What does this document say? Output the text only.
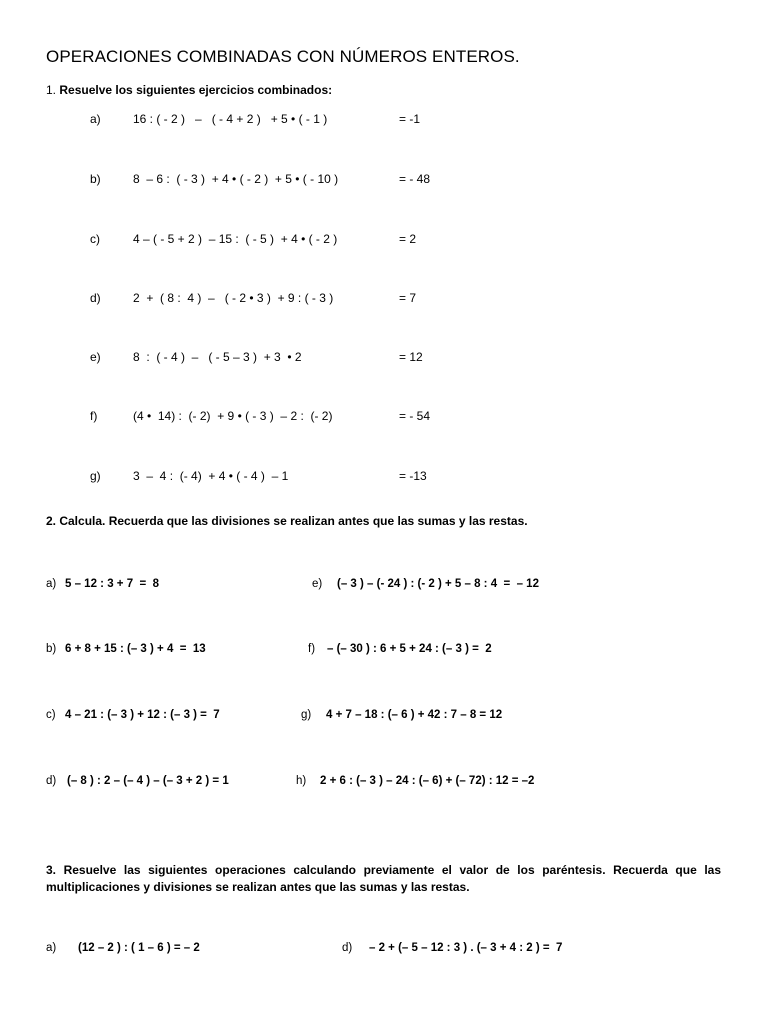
OPERACIONES COMBINADAS CON NÚMEROS ENTEROS.
1. Resuelve los siguientes ejercicios combinados:
a)	16 : ( - 2 )   –   ( - 4 + 2 )   + 5 • ( - 1 )	= -1
b)	8  – 6 :  ( - 3 )  + 4 • ( - 2 )  + 5 • ( - 10 )	= - 48
c)	4 – ( - 5 + 2 )  – 15 :  ( - 5 )  + 4 • ( - 2 )	= 2
d)	2  +  ( 8 :  4 )  –   ( - 2 • 3 )  + 9 : ( - 3 )	= 7
e)	8  :  ( - 4 )  –   ( - 5 – 3 )  + 3  • 2	= 12
f)	(4 •  14) :  (- 2)  + 9 • ( - 3 )  – 2 :  (- 2)	= - 54
g)	3  –  4 :  (- 4)  + 4 • ( - 4 )  – 1	= -13
2. Calcula. Recuerda que las divisiones se realizan antes que las sumas y las restas.
a) 5 – 12 : 3 + 7  =  8
b) 6 + 8 + 15 : (– 3 ) + 4  =  13
c) 4 – 21 : (– 3 ) + 12 : (– 3 ) =  7
d) (– 8 ) : 2 – (– 4 ) – (– 3 + 2 ) = 1
e) (– 3 ) – (- 24 ) : (- 2 ) + 5 – 8 : 4  =  – 12
f) – (– 30 ) : 6 + 5 + 24 : (– 3 ) =  2
g) 4 + 7 – 18 : (– 6 ) + 42 : 7 – 8 = 12
h) 2 + 6 : (– 3 ) – 24 : (– 6) + (– 72) : 12 = –2
3. Resuelve las siguientes operaciones calculando previamente el valor de los paréntesis. Recuerda que las multiplicaciones y divisiones se realizan antes que las sumas y las restas.
a) (12 – 2 ) : ( 1 – 6 ) = – 2	d) – 2 + (– 5 – 12 : 3 ) . (– 3 + 4 : 2 ) =  7
